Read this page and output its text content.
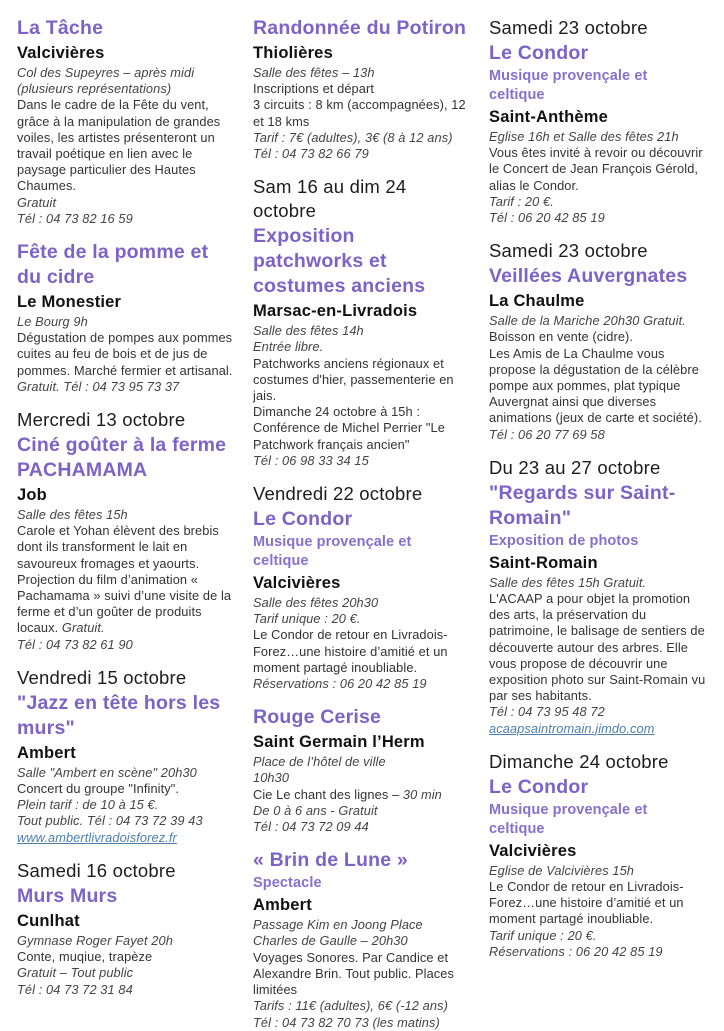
La Tâche
Valcivières
Col des Supeyres – après midi
(plusieurs représentations)
Dans le cadre de la Fête du vent, grâce à la manipulation de grandes voiles, les artistes présenteront un travail poétique en lien avec le paysage particulier des Hautes Chaumes.
Gratuit
Tél : 04 73 82 16 59
Fête de la pomme et du cidre
Le Monestier
Le Bourg 9h
Dégustation de pompes aux pommes cuites au feu de bois et de jus de pommes. Marché fermier et artisanal.
Gratuit. Tél : 04 73 95 73 37
Mercredi 13 octobre
Ciné goûter à la ferme PACHAMAMA
Job
Salle des fêtes 15h
Carole et Yohan élèvent des brebis dont ils transforment le lait en savoureux fromages et yaourts. Projection du film d’animation « Pachamama » suivi d’une visite de la ferme et d’un goûter de produits locaux. Gratuit.
Tél : 04 73 82 61 90
Vendredi 15 octobre
"Jazz en tête hors les murs"
Ambert
Salle "Ambert en scène" 20h30
Concert du groupe "Infinity".
Plein tarif : de 10 à 15 €.
Tout public. Tél : 04 73 72 39 43
www.ambertlivradoisforez.fr
Samedi 16 octobre
Murs Murs
Cunlhat
Gymnase Roger Fayet 20h
Conte, muqiue, trapèze
Gratuit – Tout public
Tél : 04 73 72 31 84
Randonnée du Potiron
Thiolières
Salle des fêtes – 13h
Inscriptions et départ
3 circuits : 8 km (accompagnées), 12 et 18 kms
Tarif : 7€ (adultes), 3€ (8 à 12 ans)
Tél : 04 73 82 66 79
Sam 16 au dim 24 octobre
Exposition patchworks et costumes anciens
Marsac-en-Livradois
Salle des fêtes 14h
Entrée libre.
Patchworks anciens régionaux et costumes d'hier, passementerie en jais.
Dimanche 24 octobre à 15h : Conférence de Michel Perrier "Le Patchwork français ancien"
Tél : 06 98 33 34 15
Vendredi 22 octobre
Le Condor
Musique provençale et celtique
Valcivières
Salle des fêtes 20h30
Tarif unique : 20 €.
Le Condor de retour en Livradois-Forez…une histoire d’amitié et un moment partagé inoubliable.
Réservations : 06 20 42 85 19
Rouge Cerise
Saint Germain l’Herm
Place de l’hôtel de ville
10h30
Cie Le chant des lignes – 30 min
De 0 à 6 ans - Gratuit
Tél : 04 73 72 09 44
« Brin de Lune »
Spectacle
Ambert
Passage Kim en Joong Place Charles de Gaulle – 20h30
Voyages Sonores. Par Candice et Alexandre Brin. Tout public. Places limitées
Tarifs : 11€ (adultes), 6€ (-12 ans)
Tél : 04 73 82 70 73 (les matins)
Samedi 23 octobre
Le Condor
Musique provençale et celtique
Saint-Anthème
Eglise 16h et Salle des fêtes 21h
Vous êtes invité à revoir ou découvrir le Concert de Jean François Gérold, alias le Condor.
Tarif : 20 €.
Tél : 06 20 42 85 19
Samedi 23 octobre
Veillées Auvergnates
La Chaulme
Salle de la Mariche 20h30 Gratuit.
Boisson en vente (cidre).
Les Amis de La Chaulme vous propose la dégustation de la célèbre pompe aux pommes, plat typique Auvergnat ainsi que diverses animations (jeux de carte et société).
Tél : 06 20 77 69 58
Du 23 au 27 octobre
"Regards sur Saint-Romain"
Exposition de photos
Saint-Romain
Salle des fêtes 15h Gratuit.
L'ACAAP a pour objet la promotion des arts, la préservation du patrimoine, le balisage de sentiers de découverte autour des arbres. Elle vous propose de découvrir une exposition photo sur Saint-Romain vu par ses habitants.
Tél : 04 73 95 48 72
acaapsaintromain.jimdo.com
Dimanche 24 octobre
Le Condor
Musique provençale et celtique
Valcivières
Eglise de Valcivières 15h
Le Condor de retour en Livradois-Forez…une histoire d’amitié et un moment partagé inoubliable.
Tarif unique : 20 €.
Réservations : 06 20 42 85 19
